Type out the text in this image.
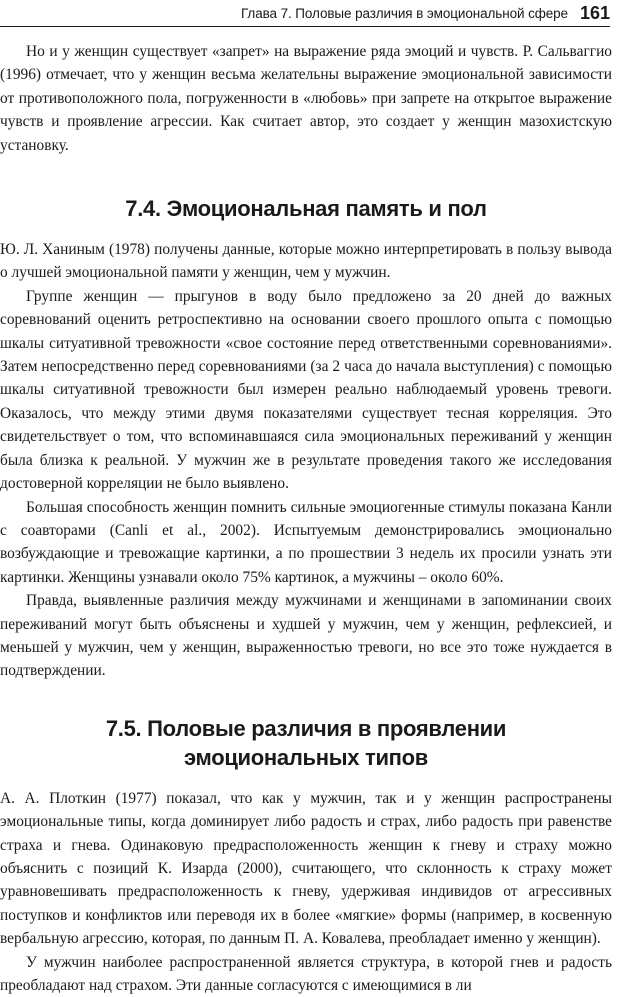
Глава 7. Половые различия в эмоциональной сфере 161

Но и у женщин существует «запрет» на выражение ряда эмоций и чувств. Р. Сальваггио (1996) отмечает, что у женщин весьма желательны выражение эмоциональной зависимости от противоположного пола, погруженности в «любовь» при запрете на открытое выражение чувств и проявление агрессии. Как считает автор, это создает у женщин мазохистскую установку.

7.4. Эмоциональная память и пол

Ю. Л. Ханиным (1978) получены данные, которые можно интерпретировать в пользу вывода о лучшей эмоциональной памяти у женщин, чем у мужчин.

Группе женщин — прыгунов в воду было предложено за 20 дней до важных соревнований оценить ретроспективно на основании своего прошлого опыта с помощью шкалы ситуативной тревожности «свое состояние перед ответственными соревнованиями». Затем непосредственно перед соревнованиями (за 2 часа до начала выступления) с помощью шкалы ситуативной тревожности был измерен реально наблюдаемый уровень тревоги. Оказалось, что между этими двумя показателями существует тесная корреляция. Это свидетельствует о том, что вспоминавшаяся сила эмоциональных переживаний у женщин была близка к реальной. У мужчин же в результате проведения такого же исследования достоверной корреляции не было выявлено.

Большая способность женщин помнить сильные эмоциогенные стимулы показана Канли с соавторами (Canli et al., 2002). Испытуемым демонстрировались эмоционально возбуждающие и тревожащие картинки, а по прошествии 3 недель их просили узнать эти картинки. Женщины узнавали около 75% картинок, а мужчины – около 60%.

Правда, выявленные различия между мужчинами и женщинами в запоминании своих переживаний могут быть объяснены и худшей у мужчин, чем у женщин, рефлексией, и меньшей у мужчин, чем у женщин, выраженностью тревоги, но все это тоже нуждается в подтверждении.

7.5. Половые различия в проявлении
эмоциональных типов

А. А. Плоткин (1977) показал, что как у мужчин, так и у женщин распространены эмоциональные типы, когда доминирует либо радость и страх, либо радость при равенстве страха и гнева. Одинаковую предрасположенность женщин к гневу и страху можно объяснить с позиций К. Изарда (2000), считающего, что склонность к страху может уравновешивать предрасположенность к гневу, удерживая индивидов от агрессивных поступков и конфликтов или переводя их в более «мягкие» формы (например, в косвенную вербальную агрессию, которая, по данным П. А. Ковалева, преобладает именно у женщин).

У мужчин наиболее распространенной является структура, в которой гнев и радость преобладают над страхом. Эти данные согласуются с имеющимися в ли
